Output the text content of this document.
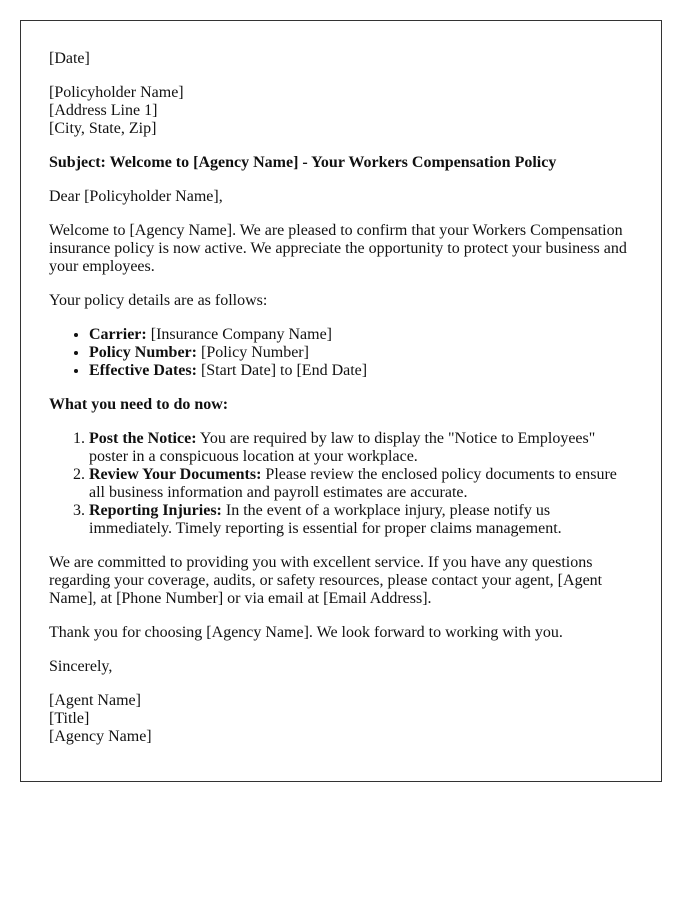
[Date]

[Policyholder Name]
[Address Line 1]
[City, State, Zip]

Subject: Welcome to [Agency Name] - Your Workers Compensation Policy

Dear [Policyholder Name],

Welcome to [Agency Name]. We are pleased to confirm that your Workers Compensation insurance policy is now active. We appreciate the opportunity to protect your business and your employees.

Your policy details are as follows:

• Carrier: [Insurance Company Name]
• Policy Number: [Policy Number]
• Effective Dates: [Start Date] to [End Date]

What you need to do now:

1. Post the Notice: You are required by law to display the "Notice to Employees" poster in a conspicuous location at your workplace.
2. Review Your Documents: Please review the enclosed policy documents to ensure all business information and payroll estimates are accurate.
3. Reporting Injuries: In the event of a workplace injury, please notify us immediately. Timely reporting is essential for proper claims management.

We are committed to providing you with excellent service. If you have any questions regarding your coverage, audits, or safety resources, please contact your agent, [Agent Name], at [Phone Number] or via email at [Email Address].

Thank you for choosing [Agency Name]. We look forward to working with you.

Sincerely,

[Agent Name]
[Title]
[Agency Name]
